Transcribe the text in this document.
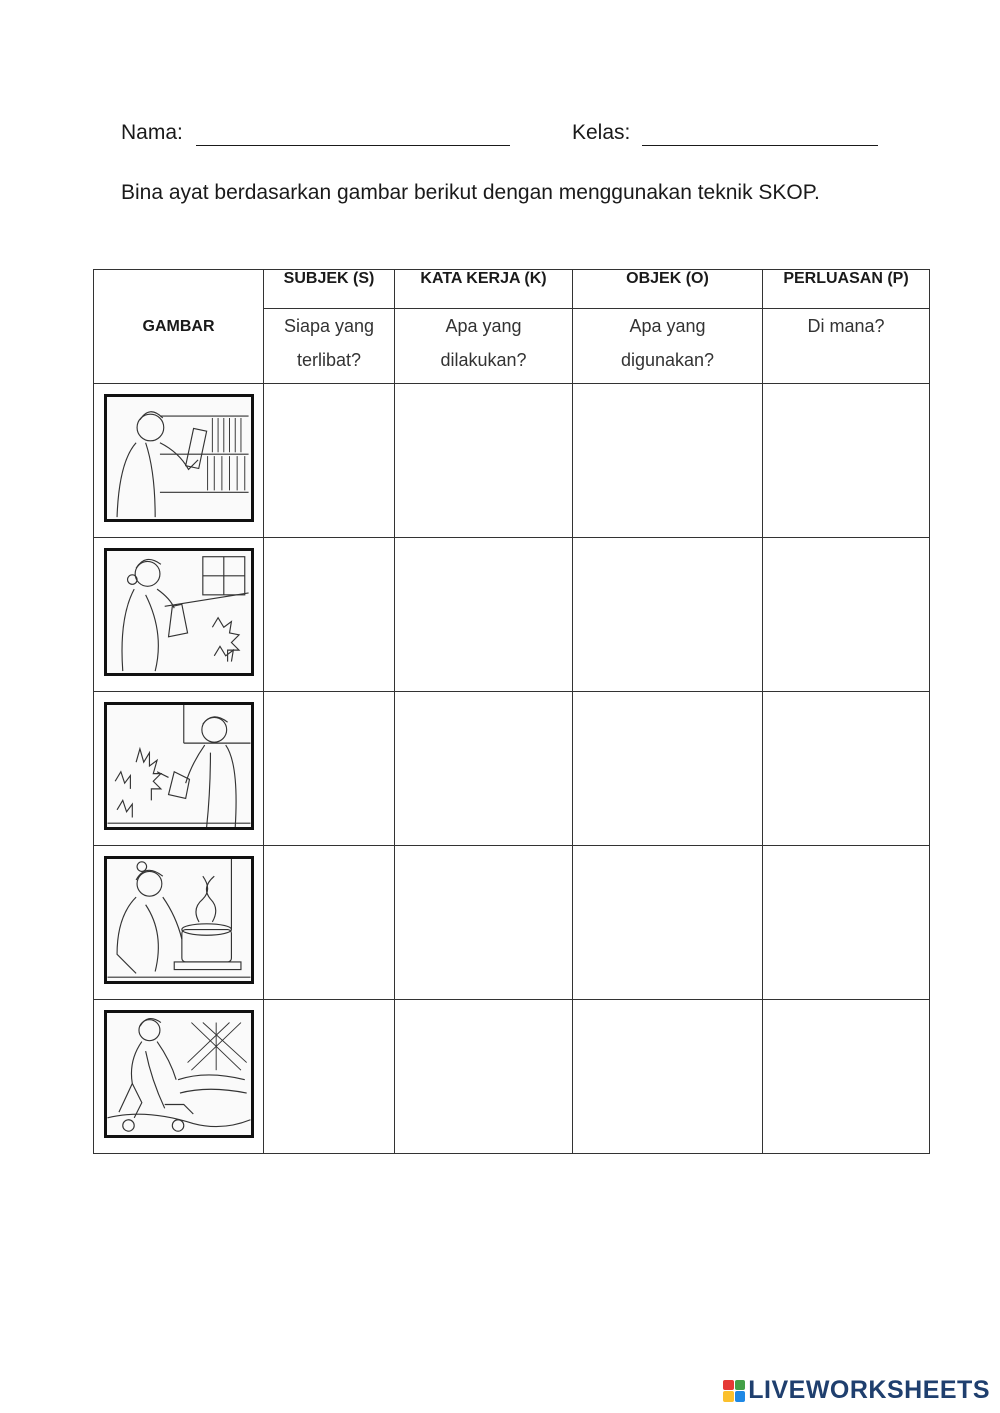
Nama:	Kelas:
Bina ayat berdasarkan gambar berikut dengan menggunakan teknik SKOP.
GAMBAR	SUBJEK (S)	KATA KERJA (K)	OBJEK (O)	PERLUASAN (P)

	Siapa yang terlibat?	Apa yang dilakukan?	Apa yang digunakan?	Di mana?

LIVEWORKSHEETS
